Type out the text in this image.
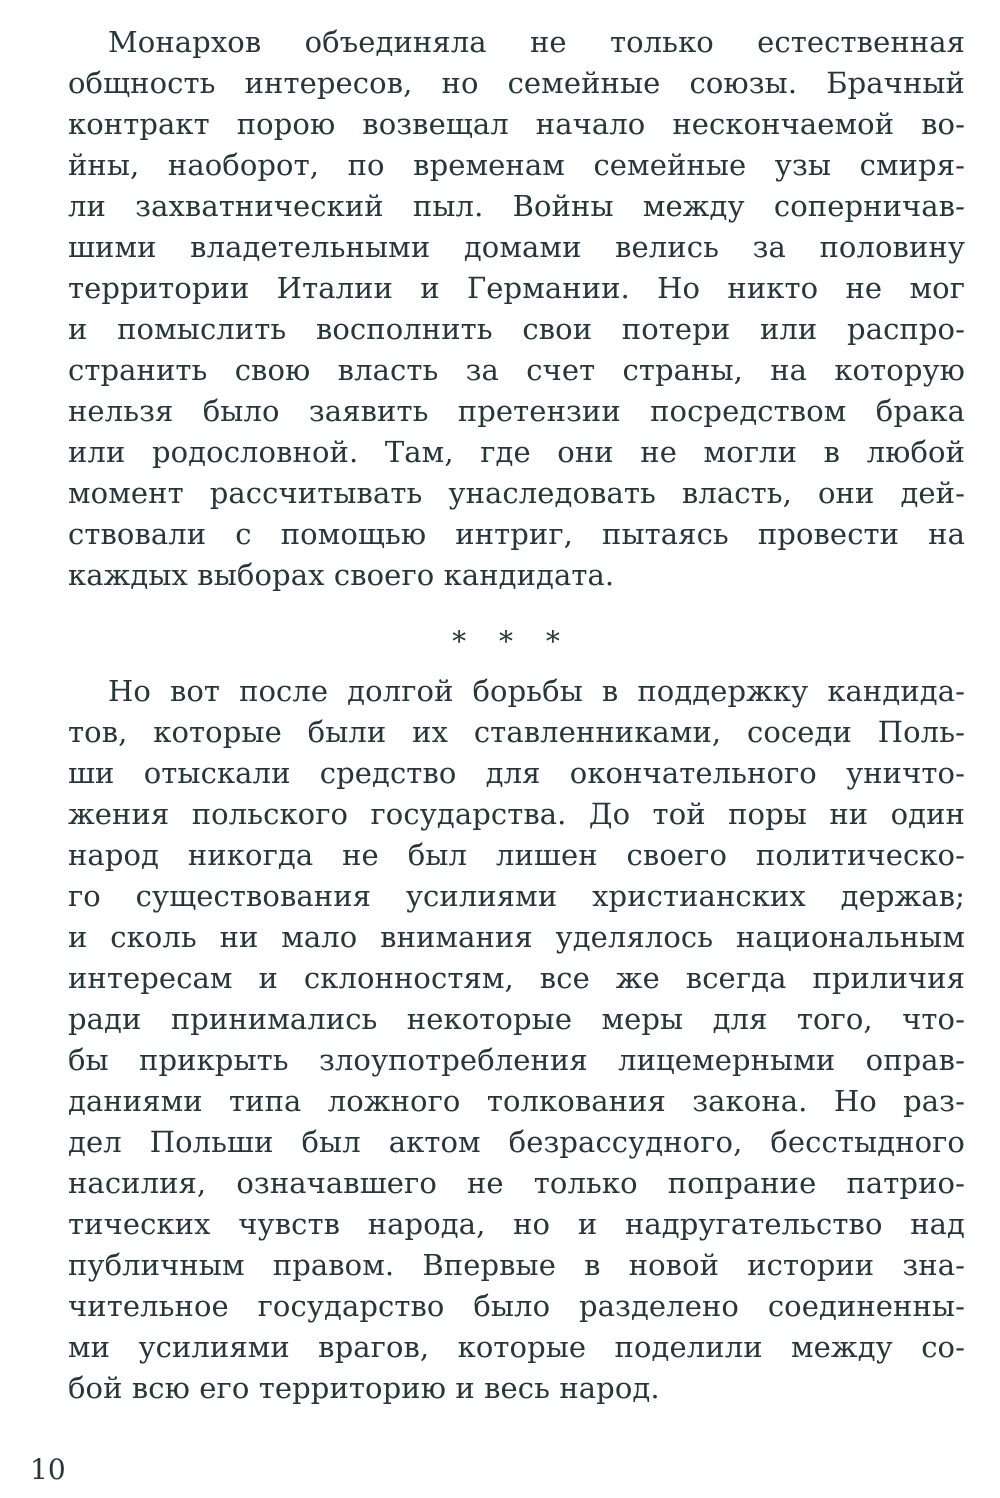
Монархов объединяла не только естественная
общность интересов, но семейные союзы. Брачный
контракт порою возвещал начало нескончаемой во-
йны, наоборот, по временам семейные узы смиря-
ли захватнический пыл. Войны между соперничав-
шими владетельными домами велись за половину
территории Италии и Германии. Но никто не мог
и помыслить восполнить свои потери или распро-
странить свою власть за счет страны, на которую
нельзя было заявить претензии посредством брака
или родословной. Там, где они не могли в любой
момент рассчитывать унаследовать власть, они дей-
ствовали с помощью интриг, пытаясь провести на
каждых выборах своего кандидата.
* * *
Но вот после долгой борьбы в поддержку кандида-
тов, которые были их ставленниками, соседи Поль-
ши отыскали средство для окончательного уничто-
жения польского государства. До той поры ни один
народ никогда не был лишен своего политическо-
го существования усилиями христианских держав;
и сколь ни мало внимания уделялось национальным
интересам и склонностям, все же всегда приличия
ради принимались некоторые меры для того, что-
бы прикрыть злоупотребления лицемерными оправ-
даниями типа ложного толкования закона. Но раз-
дел Польши был актом безрассудного, бесстыдного
насилия, означавшего не только попрание патрио-
тических чувств народа, но и надругательство над
публичным правом. Впервые в новой истории зна-
чительное государство было разделено соединенны-
ми усилиями врагов, которые поделили между со-
бой всю его территорию и весь народ.
10
